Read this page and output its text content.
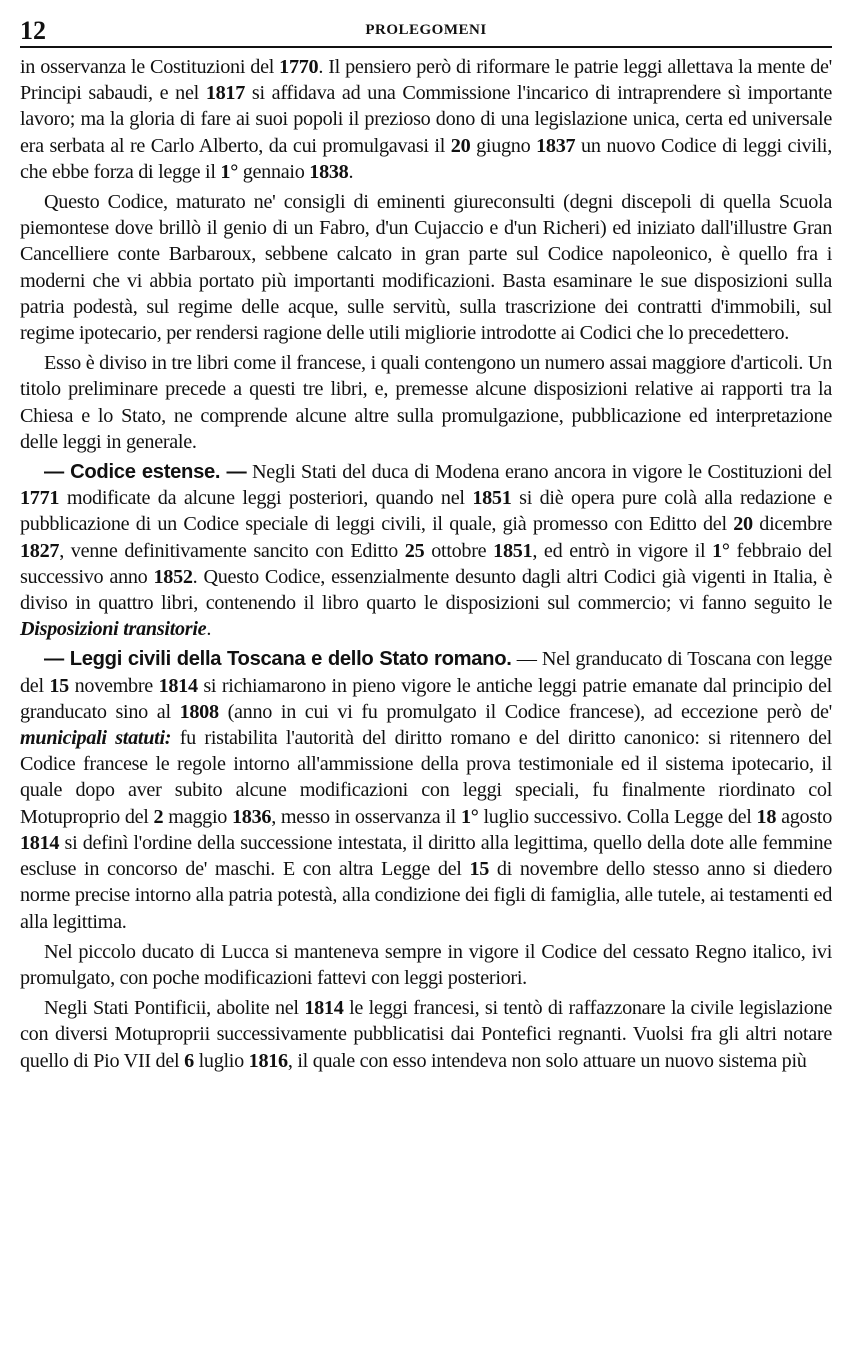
12	PROLEGOMENI

in osservanza le Costituzioni del 1770. Il pensiero però di riformare le patrie leggi allettava la mente de' Principi sabaudi, e nel 1817 si affidava ad una Commissione l'incarico di intraprendere sì importante lavoro; ma la gloria di fare ai suoi popoli il prezioso dono di una legislazione unica, certa ed universale era serbata al re Carlo Alberto, da cui promulgavasi il 20 giugno 1837 un nuovo Codice di leggi civili, che ebbe forza di legge il 1° gennaio 1838.

Questo Codice, maturato ne' consigli di eminenti giureconsulti (degni discepoli di quella Scuola piemontese dove brillò il genio di un Fabro, d'un Cujaccio e d'un Richeri) ed iniziato dall'illustre Gran Cancelliere conte Barbaroux, sebbene calcato in gran parte sul Codice napoleonico, è quello fra i moderni che vi abbia portato più importanti modificazioni. Basta esaminare le sue disposizioni sulla patria podestà, sul regime delle acque, sulle servitù, sulla trascrizione dei contratti d'immobili, sul regime ipotecario, per rendersi ragione delle utili migliorie introdotte ai Codici che lo precedettero.

Esso è diviso in tre libri come il francese, i quali contengono un numero assai maggiore d'articoli. Un titolo preliminare precede a questi tre libri, e, premesse alcune disposizioni relative ai rapporti tra la Chiesa e lo Stato, ne comprende alcune altre sulla promulgazione, pubblicazione ed interpretazione delle leggi in generale.

— Codice estense. — Negli Stati del duca di Modena erano ancora in vigore le Costituzioni del 1771 modificate da alcune leggi posteriori, quando nel 1851 si diè opera pure colà alla redazione e pubblicazione di un Codice speciale di leggi civili, il quale, già promesso con Editto del 20 dicembre 1827, venne definitivamente sancito con Editto 25 ottobre 1851, ed entrò in vigore il 1° febbraio del successivo anno 1852. Questo Codice, essenzialmente desunto dagli altri Codici già vigenti in Italia, è diviso in quattro libri, contenendo il libro quarto le disposizioni sul commercio; vi fanno seguito le Disposizioni transitorie.

— Leggi civili della Toscana e dello Stato romano. — Nel granducato di Toscana con legge del 15 novembre 1814 si richiamarono in pieno vigore le antiche leggi patrie emanate dal principio del granducato sino al 1808 (anno in cui vi fu promulgato il Codice francese), ad eccezione però de' municipali statuti: fu ristabilita l'autorità del diritto romano e del diritto canonico: si ritennero del Codice francese le regole intorno all'ammissione della prova testimoniale ed il sistema ipotecario, il quale dopo aver subito alcune modificazioni con leggi speciali, fu finalmente riordinato col Motuproprio del 2 maggio 1836, messo in osservanza il 1° luglio successivo. Colla Legge del 18 agosto 1814 si definì l'ordine della successione intestata, il diritto alla legittima, quello della dote alle femmine escluse in concorso de' maschi. E con altra Legge del 15 di novembre dello stesso anno si diedero norme precise intorno alla patria potestà, alla condizione dei figli di famiglia, alle tutele, ai testamenti ed alla legittima.

Nel piccolo ducato di Lucca si manteneva sempre in vigore il Codice del cessato Regno italico, ivi promulgato, con poche modificazioni fattevi con leggi posteriori.

Negli Stati Pontificii, abolite nel 1814 le leggi francesi, si tentò di raffazzonare la civile legislazione con diversi Motuproprii successivamente pubblicatisi dai Pontefici regnanti. Vuolsi fra gli altri notare quello di Pio VII del 6 luglio 1816, il quale con esso intendeva non solo attuare un nuovo sistema più
